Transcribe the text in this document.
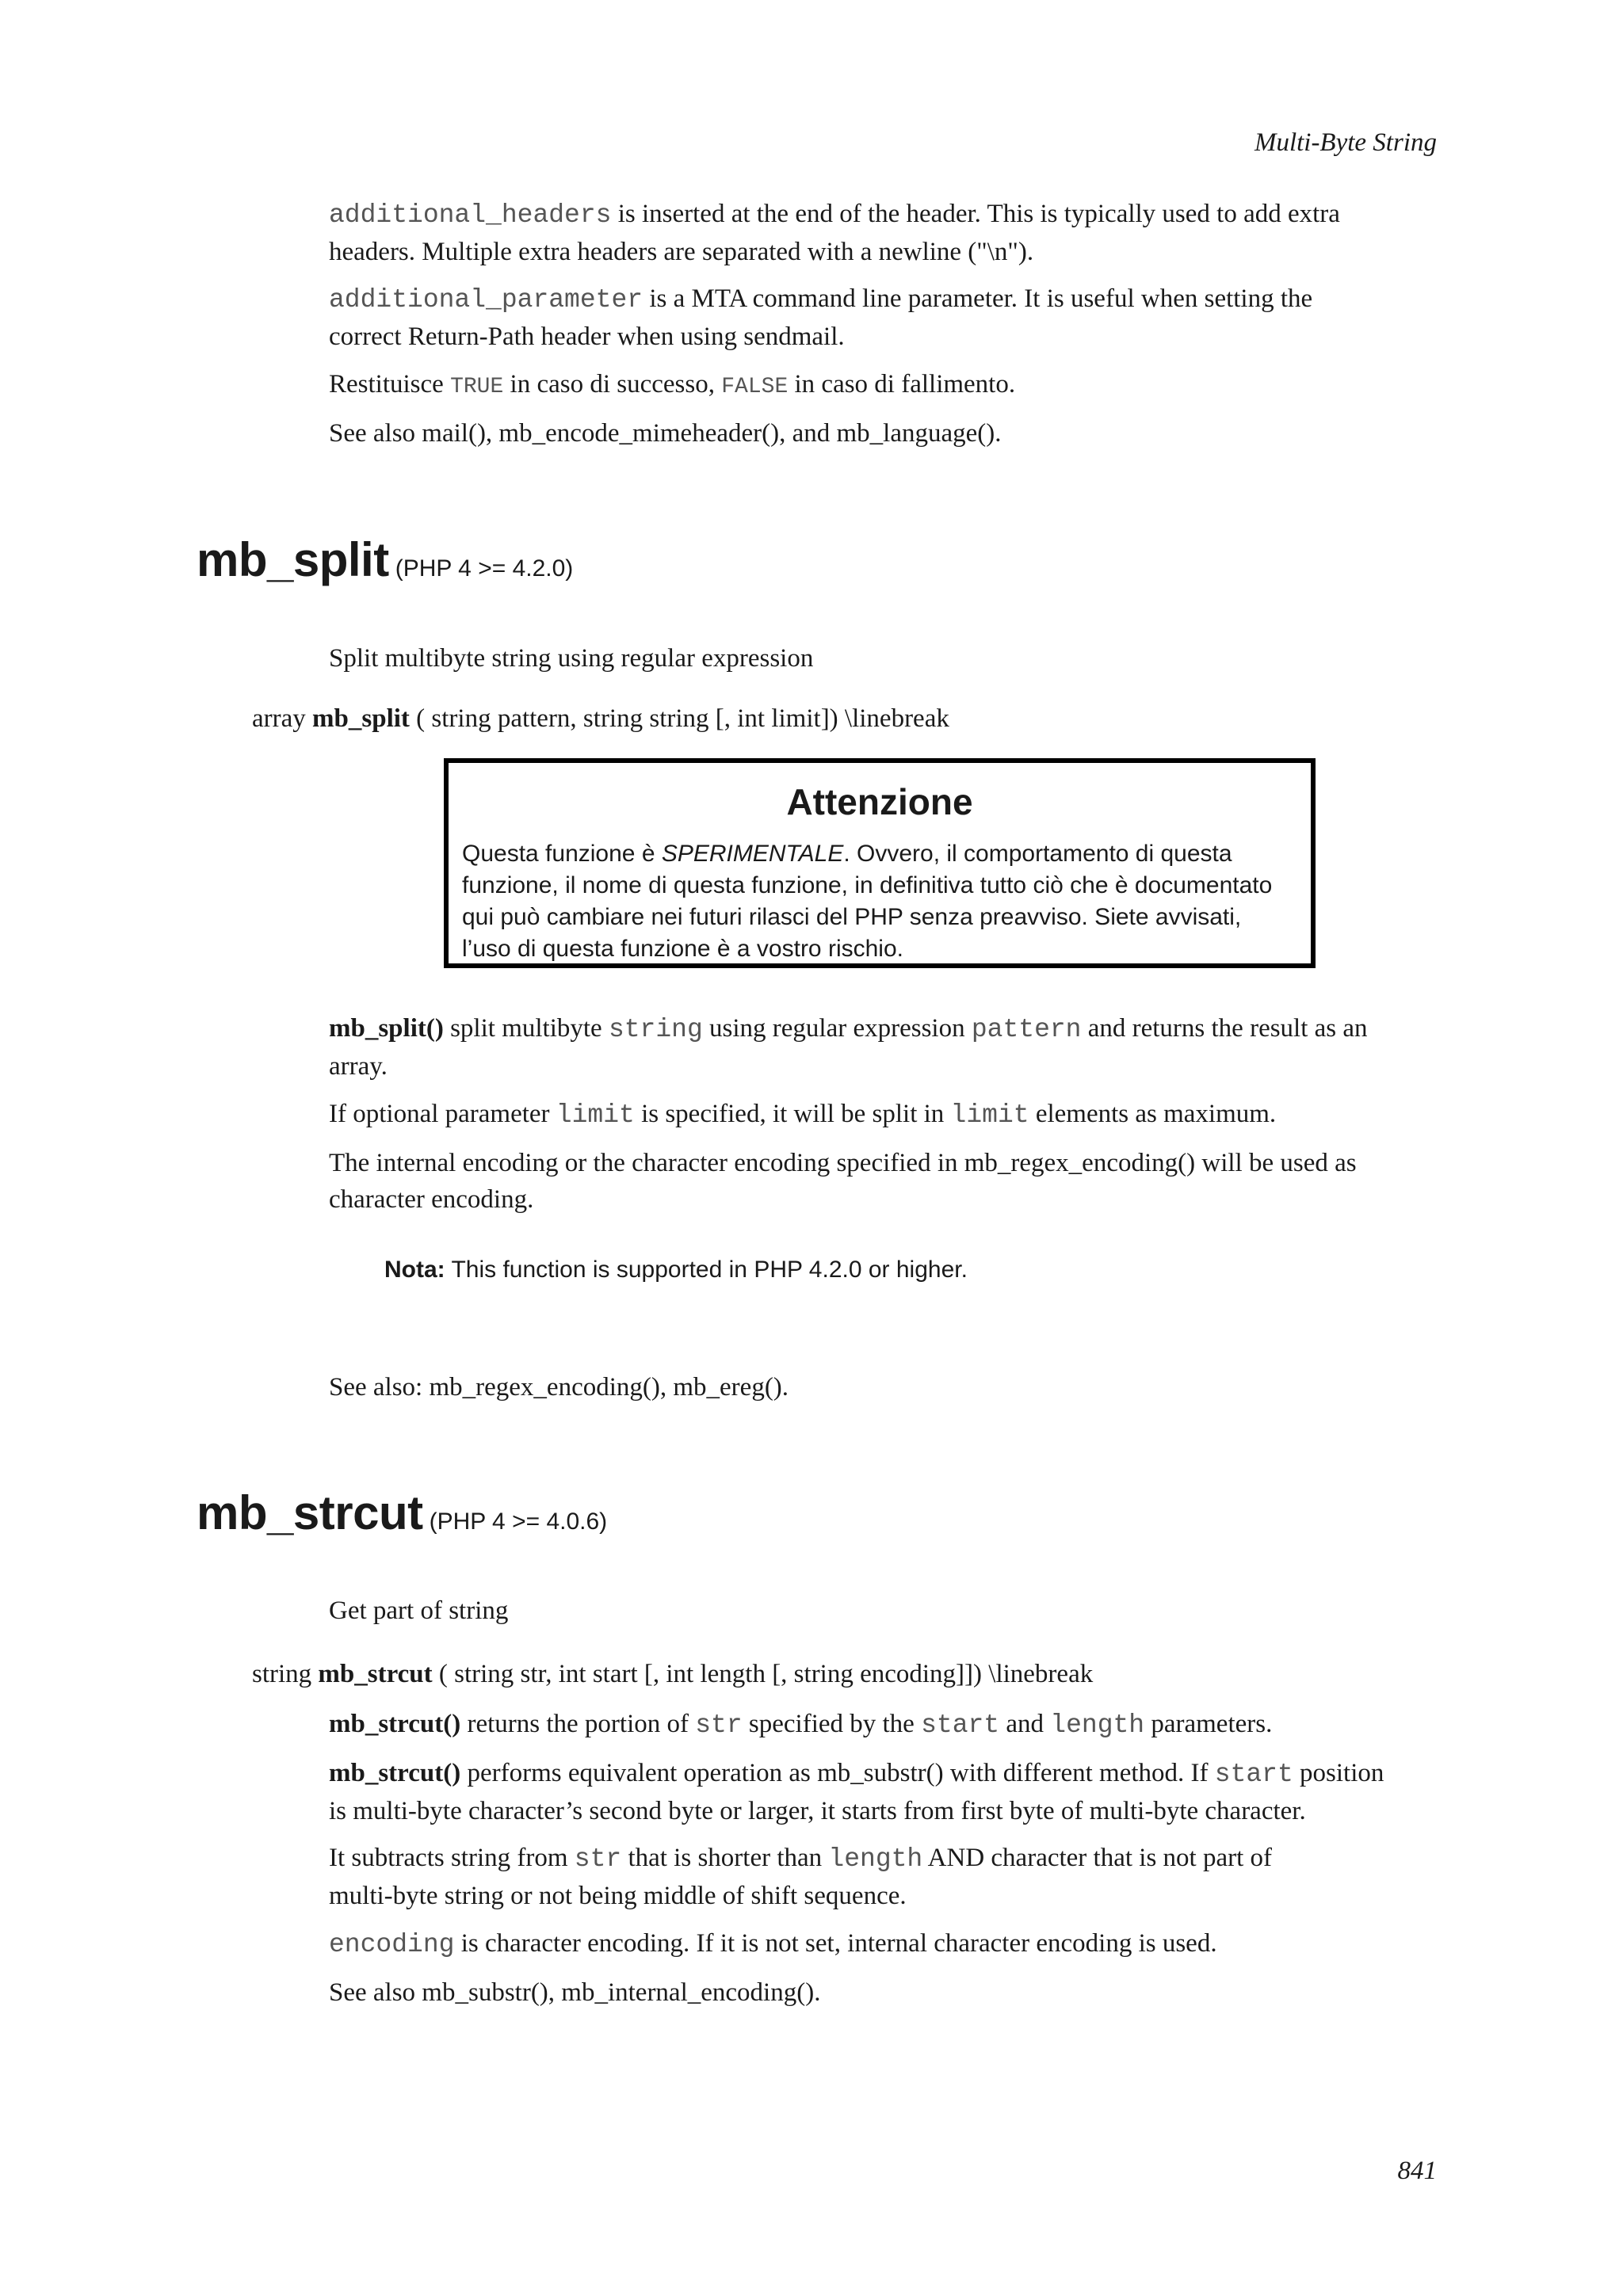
Multi-Byte String
additional_headers is inserted at the end of the header. This is typically used to add extra
headers. Multiple extra headers are separated with a newline ("\n").
additional_parameter is a MTA command line parameter. It is useful when setting the
correct Return-Path header when using sendmail.
Restituisce TRUE in caso di successo, FALSE in caso di fallimento.
See also mail(), mb_encode_mimeheader(), and mb_language().
mb_split (PHP 4 >= 4.2.0)
Split multibyte string using regular expression
array mb_split ( string pattern, string string [, int limit]) \linebreak
Attenzione
Questa funzione è SPERIMENTALE. Ovvero, il comportamento di questa
funzione, il nome di questa funzione, in definitiva tutto ciò che è documentato
qui può cambiare nei futuri rilasci del PHP senza preavviso. Siete avvisati,
l’uso di questa funzione è a vostro rischio.
mb_split() split multibyte string using regular expression pattern and returns the result as an
array.
If optional parameter limit is specified, it will be split in limit elements as maximum.
The internal encoding or the character encoding specified in mb_regex_encoding() will be used as
character encoding.
Nota: This function is supported in PHP 4.2.0 or higher.
See also: mb_regex_encoding(), mb_ereg().
mb_strcut (PHP 4 >= 4.0.6)
Get part of string
string mb_strcut ( string str, int start [, int length [, string encoding]]) \linebreak
mb_strcut() returns the portion of str specified by the start and length parameters.
mb_strcut() performs equivalent operation as mb_substr() with different method. If start position
is multi-byte character’s second byte or larger, it starts from first byte of multi-byte character.
It subtracts string from str that is shorter than length AND character that is not part of
multi-byte string or not being middle of shift sequence.
encoding is character encoding. If it is not set, internal character encoding is used.
See also mb_substr(), mb_internal_encoding().
841
